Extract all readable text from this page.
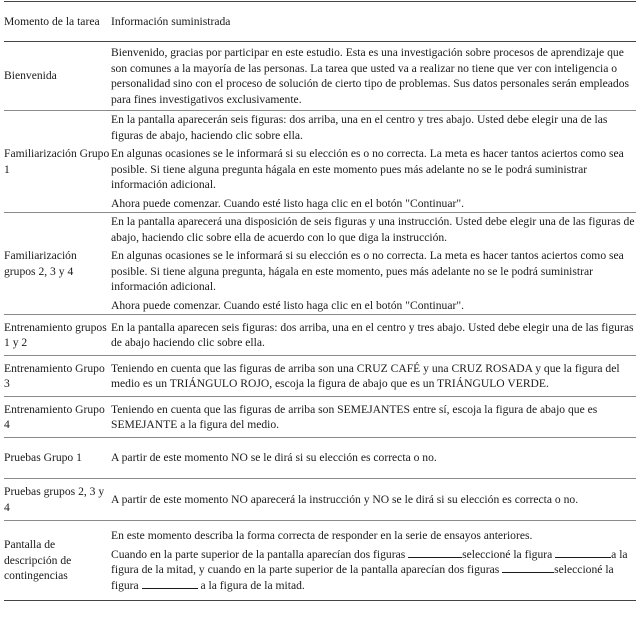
Momento de la tarea	Información suministrada
Bienvenida	Bienvenido, gracias por participar en este estudio. Esta es una investigación sobre procesos de aprendizaje que son comunes a la mayoría de las personas. La tarea que usted va a realizar no tiene que ver con inteligencia o personalidad sino con el proceso de solución de cierto tipo de problemas. Sus datos personales serán empleados para fines investigativos exclusivamente.

Familiarización Grupo 1	En la pantalla aparecerán seis figuras: dos arriba, una en el centro y tres abajo. Usted debe elegir una de las figuras de abajo, haciendo clic sobre ella.

En algunas ocasiones se le informará si su elección es o no correcta. La meta es hacer tantos aciertos como sea posible. Si tiene alguna pregunta hágala en este momento pues más adelante no se le podrá suministrar información adicional.

Ahora puede comenzar. Cuando esté listo haga clic en el botón "Continuar".

Familiarización grupos 2, 3 y 4	En la pantalla aparecerá una disposición de seis figuras y una instrucción. Usted debe elegir una de las figuras de abajo, haciendo clic sobre ella de acuerdo con lo que diga la instrucción.

En algunas ocasiones se le informará si su elección es o no correcta. La meta es hacer tantos aciertos como sea posible. Si tiene alguna pregunta, hágala en este momento, pues más adelante no se le podrá suministrar información adicional.

Ahora puede comenzar. Cuando esté listo haga clic en el botón "Continuar".

Entrenamiento grupos 1 y 2	En la pantalla aparecen seis figuras: dos arriba, una en el centro y tres abajo. Usted debe elegir una de las figuras de abajo haciendo clic sobre ella.

Entrenamiento Grupo 3	Teniendo en cuenta que las figuras de arriba son una CRUZ CAFÉ y una CRUZ ROSADA y que la figura del medio es un TRIÁNGULO ROJO, escoja la figura de abajo que es un TRIÁNGULO VERDE.

Entrenamiento Grupo 4	Teniendo en cuenta que las figuras de arriba son SEMEJANTES entre sí, escoja la figura de abajo que es SEMEJANTE a la figura del medio.

Pruebas Grupo 1	A partir de este momento NO se le dirá si su elección es correcta o no.

Pruebas grupos 2, 3 y 4	A partir de este momento NO aparecerá la instrucción y NO se le dirá si su elección es correcta o no.

Pantalla de descripción de contingencias	En este momento describa la forma correcta de responder en la serie de ensayos anteriores.

Cuando en la parte superior de la pantalla aparecían dos figuras seleccioné la figura a la figura de la mitad, y cuando en la parte superior de la pantalla aparecían dos figuras seleccioné la figura a la figura de la mitad.
